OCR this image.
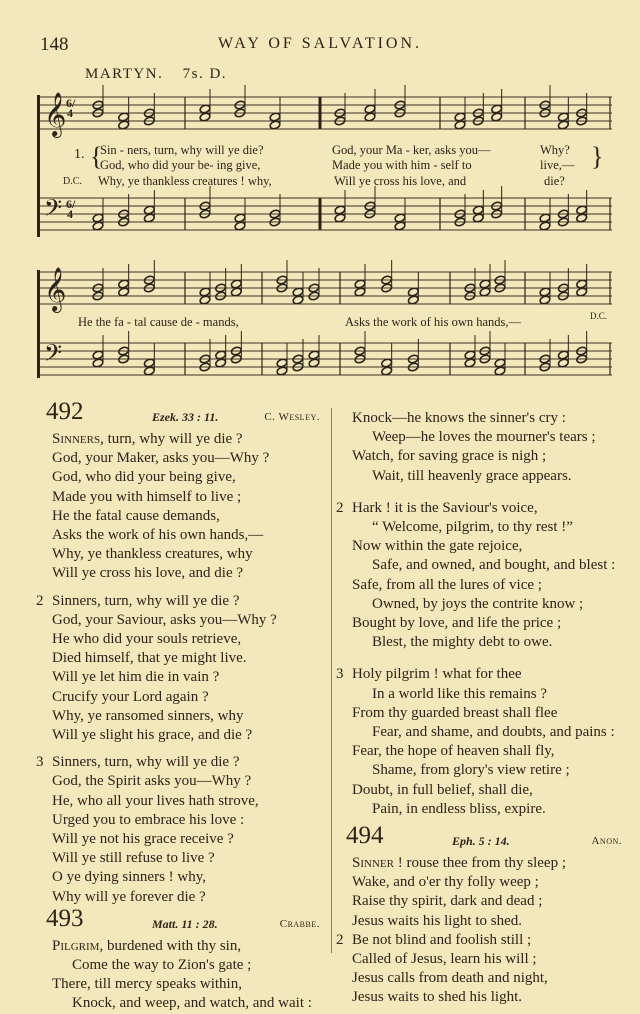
148	WAY OF SALVATION.
MARTYN. 7s. D.
𝄞
𝄢
𝄞
𝄢
6/4
6/4
1. {	}
Sin - ners, turn, why will ye die?	God, your Ma - ker, asks you—	Why?
God, who did your be- ing give,	Made you with him - self to	live,—
D.C. Why, ye thankless creatures ! why,	Will ye cross his love, and	die?
He the fa - tal cause de - mands,	Asks the work of his own hands,—	D.C.
492	Ezek. 33 : 11.	C. Wesley.
Sinners, turn, why will ye die ?
God, your Maker, asks you—Why ?
God, who did your being give,
Made you with himself to live ;
He the fatal cause demands,
Asks the work of his own hands,—
Why, ye thankless creatures, why
Will ye cross his love, and die ?
2 Sinners, turn, why will ye die ?
God, your Saviour, asks you—Why ?
He who did your souls retrieve,
Died himself, that ye might live.
Will ye let him die in vain ?
Crucify your Lord again ?
Why, ye ransomed sinners, why
Will ye slight his grace, and die ?
3 Sinners, turn, why will ye die ?
God, the Spirit asks you—Why ?
He, who all your lives hath strove,
Urged you to embrace his love :
Will ye not his grace receive ?
Will ye still refuse to live ?
O ye dying sinners ! why,
Why will ye forever die ?
493	Matt. 11 : 28.	Crabbe.
Pilgrim, burdened with thy sin,
Come the way to Zion's gate ;
There, till mercy speaks within,
Knock, and weep, and watch, and wait :
Knock—he knows the sinner's cry :
Weep—he loves the mourner's tears ;
Watch, for saving grace is nigh ;
Wait, till heavenly grace appears.
2 Hark ! it is the Saviour's voice,
“ Welcome, pilgrim, to thy rest !”
Now within the gate rejoice,
Safe, and owned, and bought, and blest :
Safe, from all the lures of vice ;
Owned, by joys the contrite know ;
Bought by love, and life the price ;
Blest, the mighty debt to owe.
3 Holy pilgrim ! what for thee
In a world like this remains ?
From thy guarded breast shall flee
Fear, and shame, and doubts, and pains :
Fear, the hope of heaven shall fly,
Shame, from glory's view retire ;
Doubt, in full belief, shall die,
Pain, in endless bliss, expire.
494	Eph. 5 : 14.	Anon.
Sinner ! rouse thee from thy sleep ;
Wake, and o'er thy folly weep ;
Raise thy spirit, dark and dead ;
Jesus waits his light to shed.
2 Be not blind and foolish still ;
Called of Jesus, learn his will ;
Jesus calls from death and night,
Jesus waits to shed his light.
